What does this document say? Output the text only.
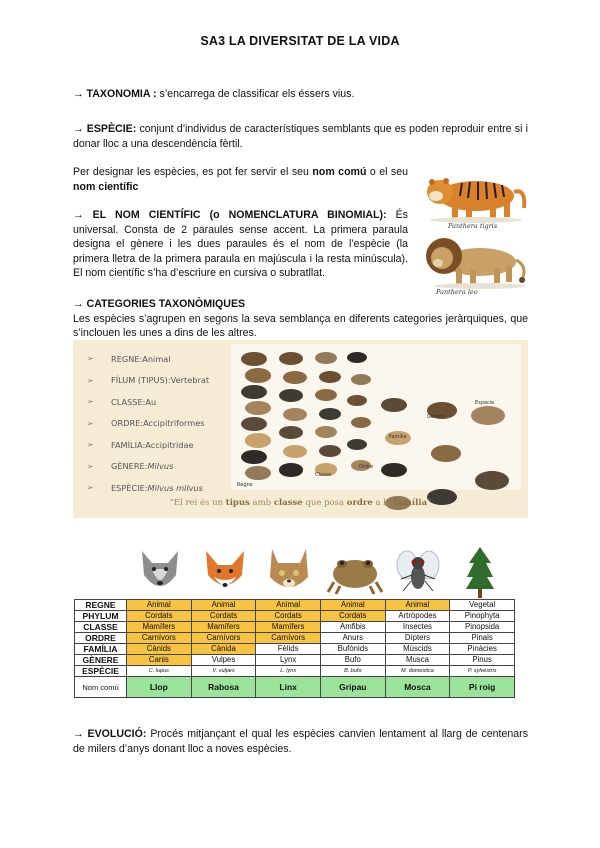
SA3 LA DIVERSITAT DE LA VIDA
→ TAXONOMIA : s’encarrega de classificar els éssers vius.
→ ESPÈCIE: conjunt d’individus de característiques semblants que es poden reproduir entre si i donar lloc a una descendència fèrtil.
Per designar les espècies, es pot fer servir el seu nom comú o el seu nom científic
→ EL NOM CIENTÍFIC (o NOMENCLATURA BINOMIAL): És universal. Consta de 2 paraules sense accent. La primera paraula designa el gènere i les dues paraules és el nom de l’espècie (la primera lletra de la primera paraula en majúscula i la resta minúscula). El nom científic s’ha d’escriure en cursiva o subratllat.
Panthera tigris
Panthera leo
→ CATEGORIES TAXONÒMIQUES
Les espècies s’agrupen en segons la seva semblança en diferents categories jeràrquiques, que s’inclouen les unes a dins de les altres.
➢	REGNE: Animal
➢	FÍLUM (TIPUS): Vertebrat
➢	CLASSE: Au
➢	ORDRE: Accipitriformes
➢	FAMÍLIA: Accipitridae
➢	GÈNERE: Milvus
➢	ESPÈCIE: Milvus milvus	Regne
Classe
Ordre
Família
Gènere
Espècie
“El rei és un tipus amb classe que posa ordre a la família”
REGNE	Animal	Animal	Animal	Animal	Animal	Vegetal
PHYLUM	Cordats	Cordats	Cordats	Cordats	Artròpodes	Pinophyta
CLASSE	Mamífers	Mamífers	Mamífers	Amfibis	Insectes	Pinopsida
ORDRE	Carnívors	Carnívors	Carnívors	Anurs	Dípters	Pinals
FAMÍLIA	Cànids	Cànida	Fèlids	Bufònids	Múscids	Pinàcies
GÈNERE	Canis	Vulpes	Lynx	Bufo	Musca	Pinus
ESPÈCIE	C. lupus	V. vulpes	L. lynx	B. bufo	M. domestica	P. sylvestris
Nom comú	Llop	Rabosa	Linx	Gripau	Mosca	Pi roig
→ EVOLUCIÓ: Procés mitjançant el qual les espècies canvien lentament al llarg de centenars de milers d’anys donant lloc a noves espècies.
